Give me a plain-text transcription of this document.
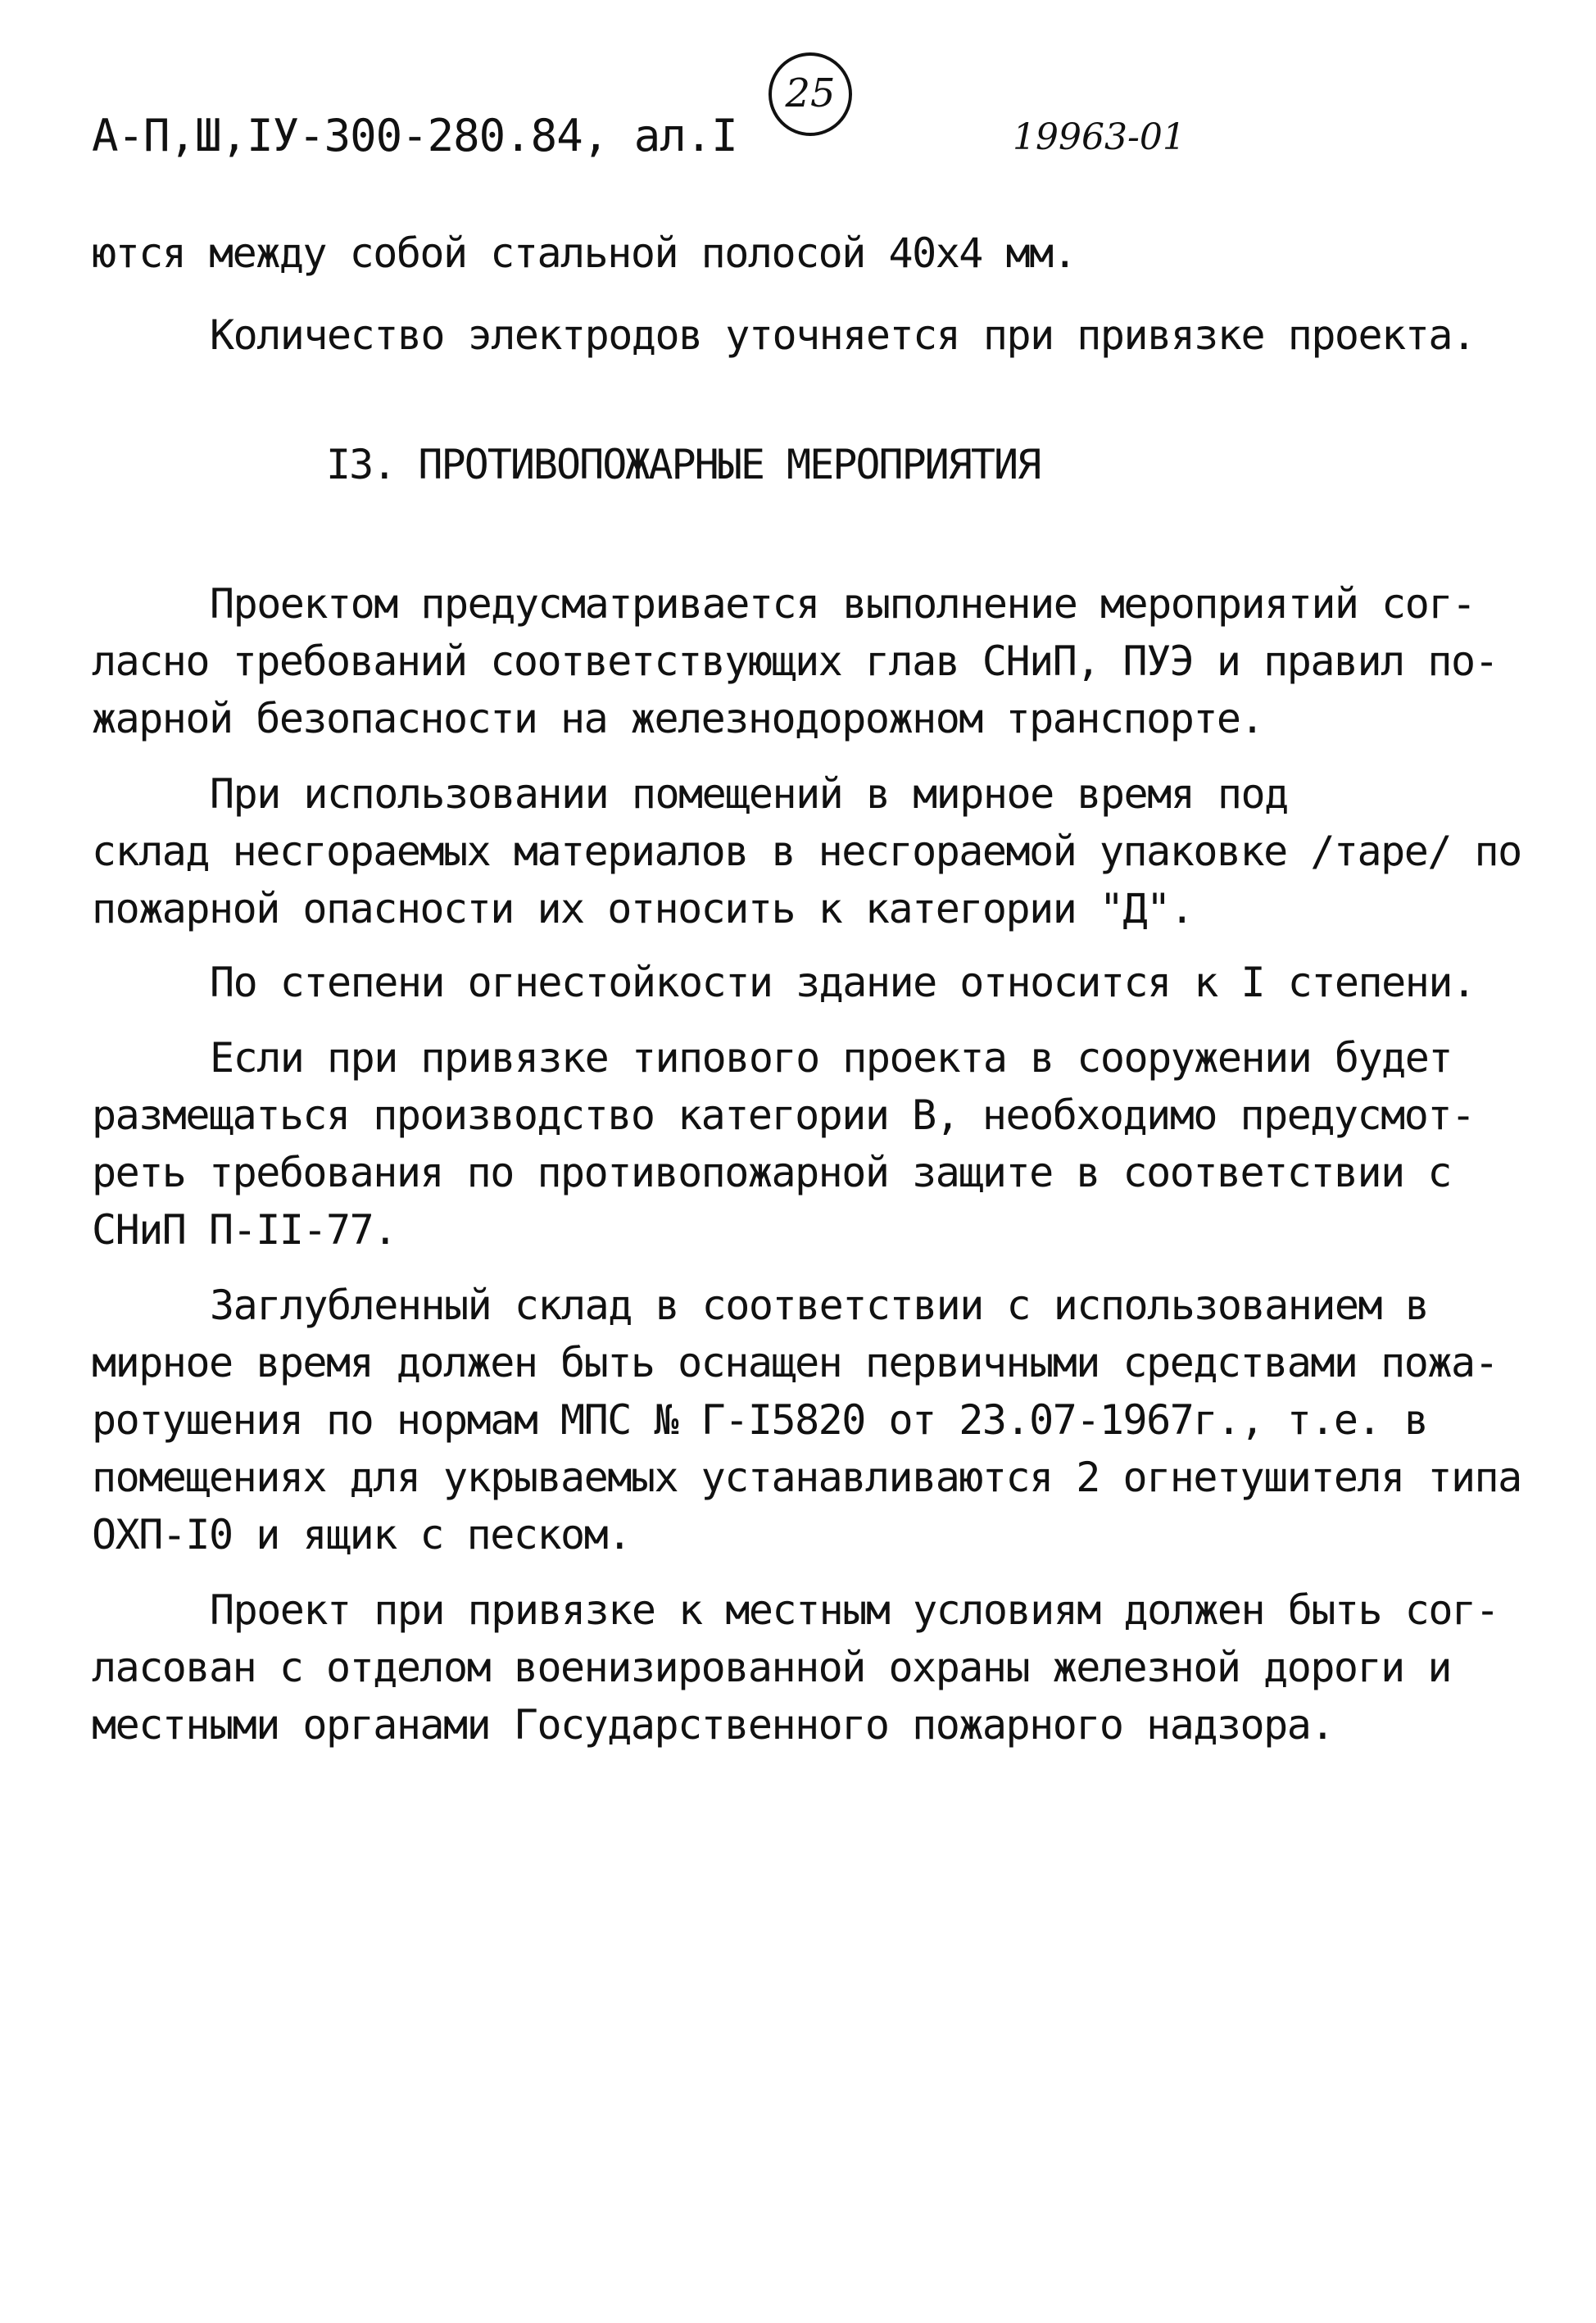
А-П,Ш,IУ-300-280.84, ал.I
25
19963-01
ются между собой стальной полосой 40х4 мм.
Количество электродов уточняется при привязке проекта.
I3. ПРОТИВОПОЖАРНЫЕ МЕРОПРИЯТИЯ
Проектом предусматривается выполнение мероприятий сог-
ласно требований соответствующих глав СНиП, ПУЭ и правил по-
жарной безопасности на железнодорожном транспорте.
При использовании помещений в мирное время под
склад несгораемых материалов в несгораемой упаковке /таре/ по
пожарной опасности их относить к категории "Д".
По степени огнестойкости здание относится к I степени.
Если при привязке типового проекта в сооружении будет
размещаться производство категории В, необходимо предусмот-
реть требования по противопожарной защите в соответствии с
СНиП П-II-77.
Заглубленный склад в соответствии с использованием в
мирное время должен быть оснащен первичными средствами пожа-
ротушения по нормам МПС № Г-I5820 от 23.07-1967г., т.е. в
помещениях для укрываемых устанавливаются 2 огнетушителя типа
ОХП-I0 и ящик с песком.
Проект при привязке к местным условиям должен быть сог-
ласован с отделом военизированной охраны железной дороги и
местными органами Государственного пожарного надзора.
